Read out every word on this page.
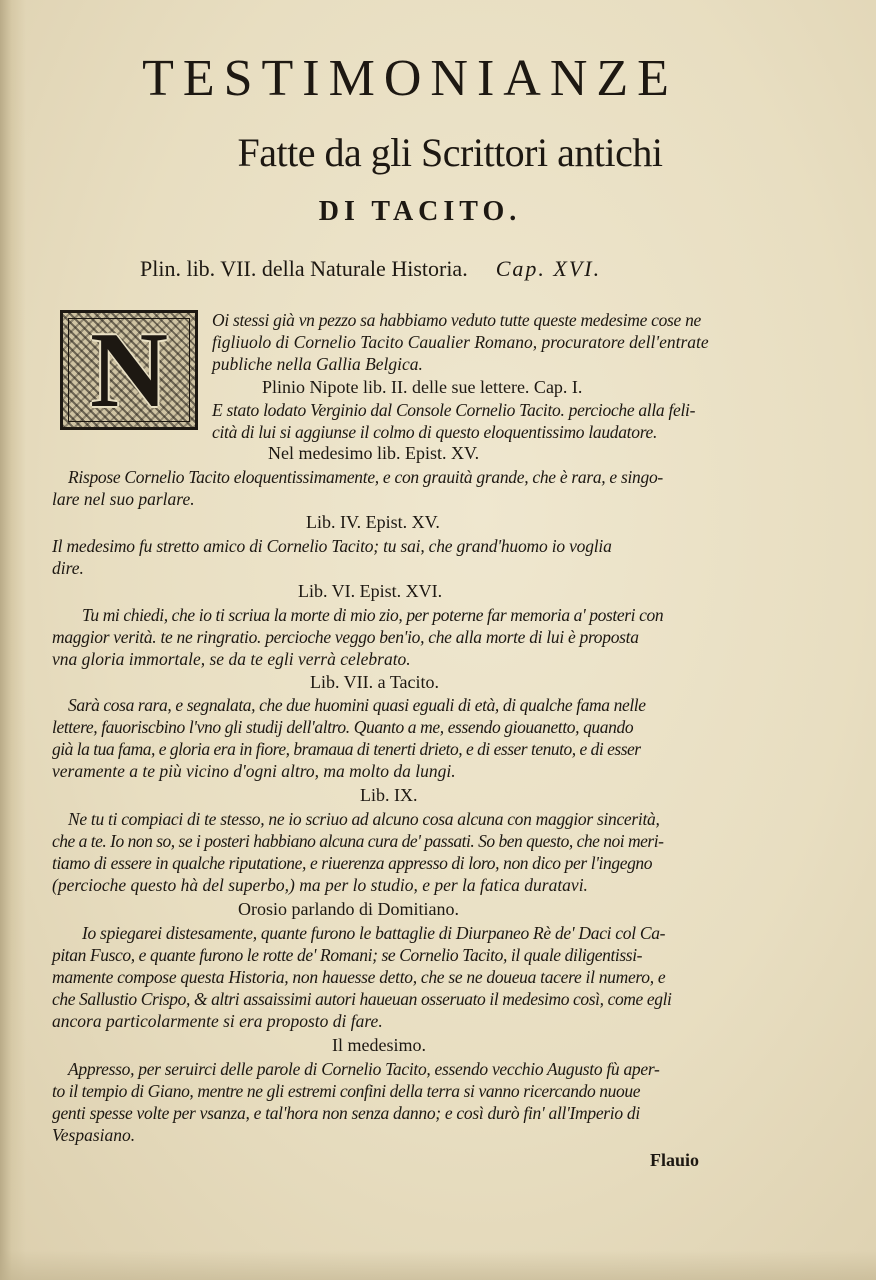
TESTIMONIANZE
Fatte da gli Scrittori antichi
DI TACITO.
Plin. lib. VII. della Naturale Historia. Cap. XVI.
N	Oi stessi già vn pezzo sa habbiamo veduto tutte queste medesime cose ne
figliuolo di Cornelio Tacito Caualier Romano, procuratore dell'entrate
publiche nella Gallia Belgica.
Plinio Nipote lib. II. delle sue lettere. Cap. I.
E stato lodato Verginio dal Console Cornelio Tacito. percioche alla feli-
cità di lui si aggiunse il colmo di questo eloquentissimo laudatore.
Nel medesimo lib. Epist. XV.
Rispose Cornelio Tacito eloquentissimamente, e con grauità grande, che è rara, e singo-
lare nel suo parlare.
Lib. IV. Epist. XV.
Il medesimo fu stretto amico di Cornelio Tacito; tu sai, che grand'huomo io voglia
dire.
Lib. VI. Epist. XVI.
Tu mi chiedi, che io ti scriua la morte di mio zio, per poterne far memoria a' posteri con
maggior verità. te ne ringratio. percioche veggo ben'io, che alla morte di lui è proposta
vna gloria immortale, se da te egli verrà celebrato.
Lib. VII. a Tacito.
Sarà cosa rara, e segnalata, che due huomini quasi eguali di età, di qualche fama nelle
lettere, fauoriscbino l'vno gli studij dell'altro. Quanto a me, essendo giouanetto, quando
già la tua fama, e gloria era in fiore, bramaua di tenerti drieto, e di esser tenuto, e di esser
veramente a te più vicino d'ogni altro, ma molto da lungi.
Lib. IX.
Ne tu ti compiaci di te stesso, ne io scriuo ad alcuno cosa alcuna con maggior sincerità,
che a te. Io non so, se i posteri habbiano alcuna cura de' passati. So ben questo, che noi meri-
tiamo di essere in qualche riputatione, e riuerenza appresso di loro, non dico per l'ingegno
(percioche questo hà del superbo,) ma per lo studio, e per la fatica duratavi.
Orosio parlando di Domitiano.
Io spiegarei distesamente, quante furono le battaglie di Diurpaneo Rè de' Daci col Ca-
pitan Fusco, e quante furono le rotte de' Romani; se Cornelio Tacito, il quale diligentissi-
mamente compose questa Historia, non hauesse detto, che se ne doueua tacere il numero, e
che Sallustio Crispo, & altri assaissimi autori haueuan osseruato il medesimo così, come egli
ancora particolarmente si era proposto di fare.
Il medesimo.
Appresso, per seruirci delle parole di Cornelio Tacito, essendo vecchio Augusto fù aper-
to il tempio di Giano, mentre ne gli estremi confini della terra si vanno ricercando nuoue
genti spesse volte per vsanza, e tal'hora non senza danno; e così durò fin' all'Imperio di
Vespasiano.
Flauio
